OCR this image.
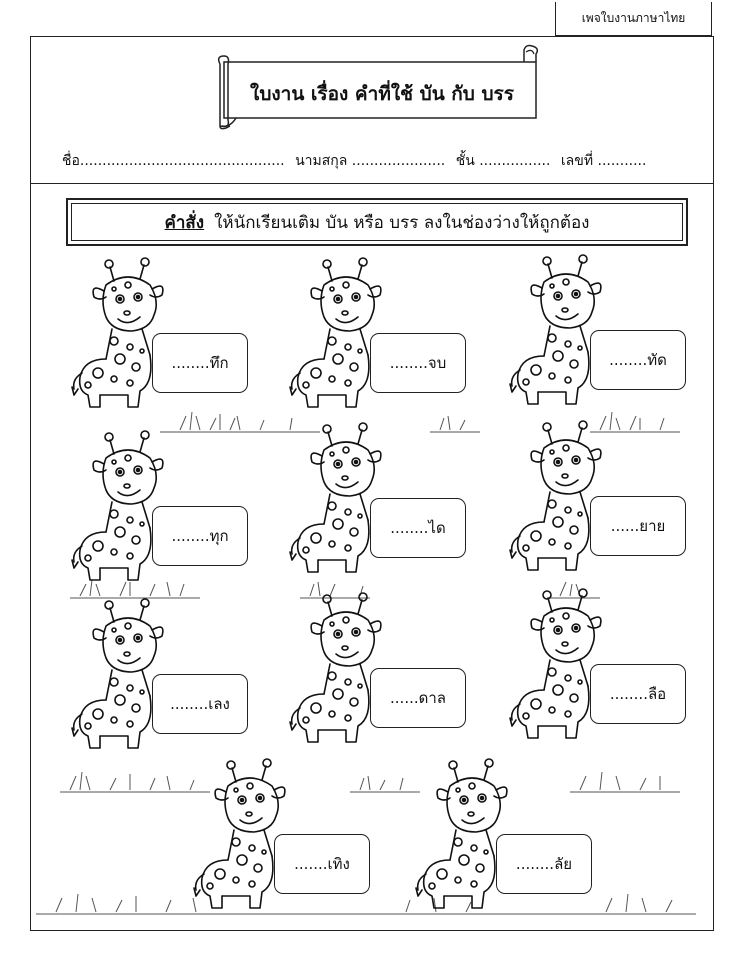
เพจใบงานภาษาไทย
ใบงาน เรื่อง คำที่ใช้ บัน กับ บรร
ชื่อ.............................................. นามสกุล ..................... ชั้น ................ เลขที่ ...........
คำสั่ง ให้นักเรียนเติม บัน หรือ บรร ลงในช่องว่างให้ถูกต้อง
........ทึก	........จบ	........ทัด
........ทุก	........ได	......ยาย
........เลง	......ดาล	........ลือ
.......เทิง	........ลัย
